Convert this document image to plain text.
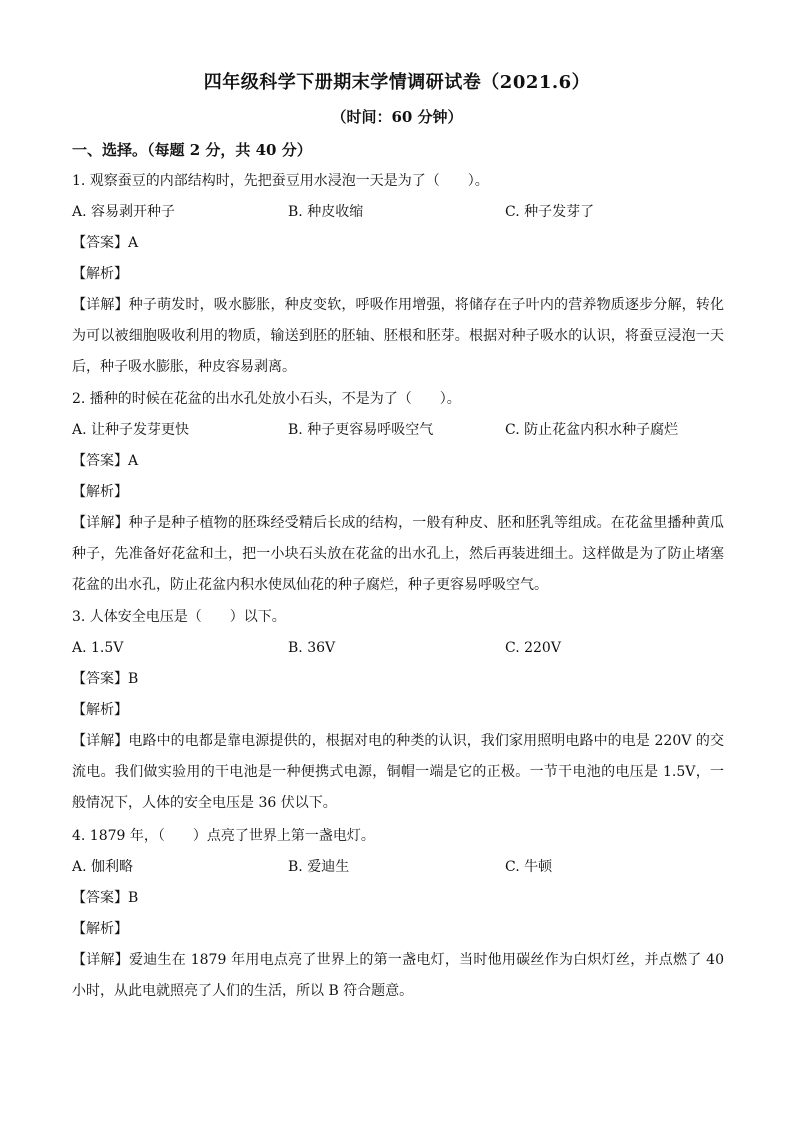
四年级科学下册期末学情调研试卷（2021.6）
（时间：60 分钟）
一、选择。（每题 2 分，共 40 分）
1. 观察蚕豆的内部结构时，先把蚕豆用水浸泡一天是为了（　　）。
A. 容易剥开种子	B. 种皮收缩	C. 种子发芽了
【答案】A
【解析】
【详解】种子萌发时，吸水膨胀，种皮变软，呼吸作用增强，将储存在子叶内的营养物质逐步分解，转化为可以被细胞吸收利用的物质，输送到胚的胚轴、胚根和胚芽。根据对种子吸水的认识，将蚕豆浸泡一天后，种子吸水膨胀，种皮容易剥离。
2. 播种的时候在花盆的出水孔处放小石头，不是为了（　　）。
A. 让种子发芽更快	B. 种子更容易呼吸空气	C. 防止花盆内积水种子腐烂
【答案】A
【解析】
【详解】种子是种子植物的胚珠经受精后长成的结构，一般有种皮、胚和胚乳等组成。在花盆里播种黄瓜种子，先准备好花盆和土，把一小块石头放在花盆的出水孔上，然后再装进细土。这样做是为了防止堵塞花盆的出水孔，防止花盆内积水使凤仙花的种子腐烂，种子更容易呼吸空气。
3. 人体安全电压是（　　）以下。
A. 1.5V	B. 36V	C. 220V
【答案】B
【解析】
【详解】电路中的电都是靠电源提供的，根据对电的种类的认识，我们家用照明电路中的电是 220V 的交流电。我们做实验用的干电池是一种便携式电源，铜帽一端是它的正极。一节干电池的电压是 1.5V，一般情况下，人体的安全电压是 36 伏以下。
4. 1879 年，（　　）点亮了世界上第一盏电灯。
A. 伽利略	B. 爱迪生	C. 牛顿
【答案】B
【解析】
【详解】爱迪生在 1879 年用电点亮了世界上的第一盏电灯，当时他用碳丝作为白炽灯丝，并点燃了 40 小时，从此电就照亮了人们的生活，所以 B 符合题意。
